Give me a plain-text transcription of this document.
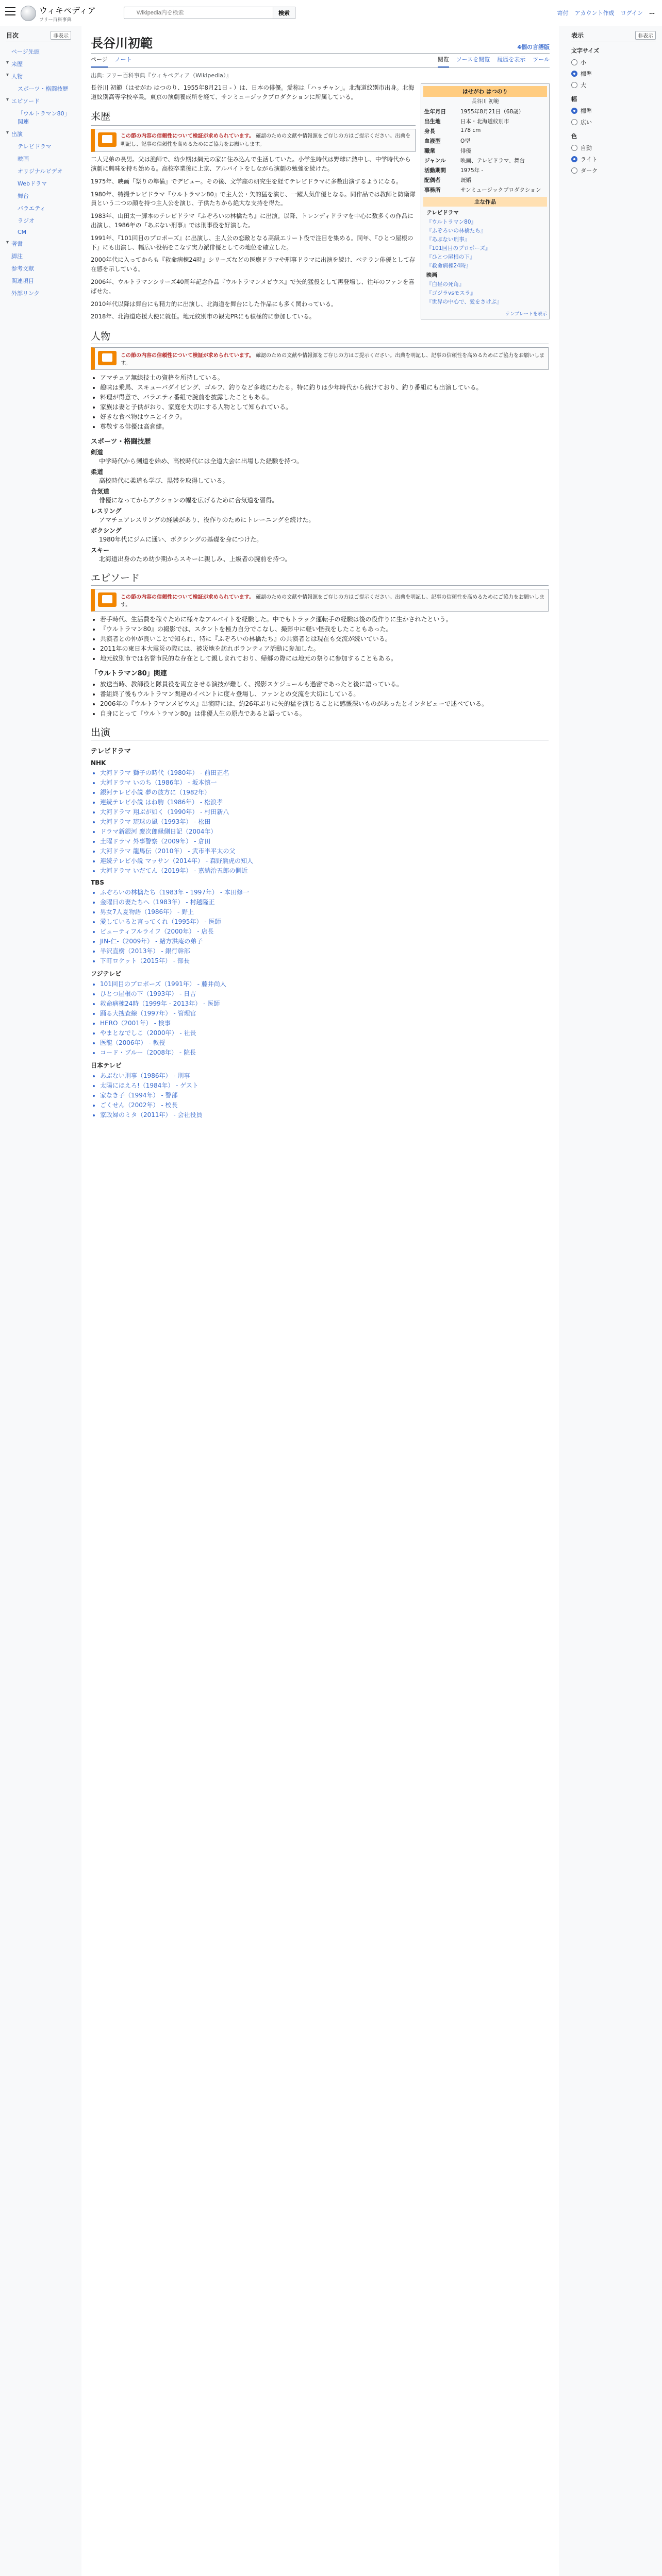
ウィキペディア
フリー百科事典
Wikipedia内を検索
検索	寄付 アカウント作成 ログイン …
目次	非表示
ページ先頭
▾ 来歴
▾ 人物
スポーツ・格闘技歴
▾ エピソード
「ウルトラマン80」関連
▾ 出演
テレビドラマ
映画
オリジナルビデオ
Webドラマ
舞台
バラエティ
ラジオ
CM
▾ 著書
脚注
参考文献
関連項目
外部リンク
長谷川初範	4個の言語版
ページ ノート	閲覧 ソースを閲覧 履歴を表示 ツール
出典: フリー百科事典『ウィキペディア（Wikipedia）』
はせがわ はつのり
長谷川 初範
生年月日	1955年8月21日（68歳）
出生地	日本・北海道紋別市
身長	178 cm
血液型	O型
職業	俳優
ジャンル	映画、テレビドラマ、舞台
活動期間	1975年 -
配偶者	既婚
事務所	サンミュージックプロダクション
主な作品
テレビドラマ
『ウルトラマン80』
『ふぞろいの林檎たち』
『あぶない刑事』
『101回目のプロポーズ』
『ひとつ屋根の下』
『救命病棟24時』
映画
『白昼の死角』
『ゴジラvsモスラ』
『世界の中心で、愛をさけぶ』
テンプレートを表示

長谷川 初範（はせがわ はつのり、1955年8月21日 - ）は、日本の俳優。愛称は「ハッチャン」。北海道紋別市出身。北海道紋別高等学校卒業。東京の演劇養成所を経て、サンミュージックプロダクションに所属している。

来歴
この節の内容の信頼性について検証が求められています。 確認のための文献や情報源をご存じの方はご提示ください。出典を明記し、記事の信頼性を高めるためにご協力をお願いします。

二人兄弟の長男。父は漁師で、幼少期は網元の家に住み込んで生活していた。小学生時代は野球に熱中し、中学時代から演劇に興味を持ち始める。高校卒業後に上京、アルバイトをしながら演劇の勉強を続けた。

1975年、映画『祭りの準備』でデビュー。その後、文学座の研究生を経てテレビドラマに多数出演するようになる。

1980年、特撮テレビドラマ『ウルトラマン80』で主人公・矢的猛を演じ、一躍人気俳優となる。同作品では教師と防衛隊員という二つの顔を持つ主人公を演じ、子供たちから絶大な支持を得た。

1983年、山田太一脚本のテレビドラマ『ふぞろいの林檎たち』に出演。以降、トレンディドラマを中心に数多くの作品に出演し、1986年の『あぶない刑事』では刑事役を好演した。

1991年、『101回目のプロポーズ』に出演し、主人公の恋敵となる高級エリート役で注目を集める。同年、『ひとつ屋根の下』にも出演し、幅広い役柄をこなす実力派俳優としての地位を確立した。

2000年代に入ってからも『救命病棟24時』シリーズなどの医療ドラマや刑事ドラマに出演を続け、ベテラン俳優として存在感を示している。

2006年、ウルトラマンシリーズ40周年記念作品『ウルトラマンメビウス』で矢的猛役として再登場し、往年のファンを喜ばせた。

2010年代以降は舞台にも精力的に出演し、北海道を舞台にした作品にも多く関わっている。

2018年、北海道応援大使に就任。地元紋別市の観光PRにも積極的に参加している。

人物
この節の内容の信頼性について検証が求められています。 確認のための文献や情報源をご存じの方はご提示ください。出典を明記し、記事の信頼性を高めるためにご協力をお願いします。
• アマチュア無線技士の資格を所持している。
• 趣味は乗馬、スキューバダイビング、ゴルフ、釣りなど多岐にわたる。特に釣りは少年時代から続けており、釣り番組にも出演している。
• 料理が得意で、バラエティ番組で腕前を披露したこともある。
• 家族は妻と子供がおり、家庭を大切にする人物として知られている。
• 好きな食べ物はウニとイクラ。
• 尊敬する俳優は高倉健。
スポーツ・格闘技歴
剣道
中学時代から剣道を始め、高校時代には全道大会に出場した経験を持つ。
柔道
高校時代に柔道も学び、黒帯を取得している。
合気道
俳優になってからアクションの幅を広げるために合気道を習得。
レスリング
アマチュアレスリングの経験があり、役作りのためにトレーニングを続けた。
ボクシング
1980年代にジムに通い、ボクシングの基礎を身につけた。
スキー
北海道出身のため幼少期からスキーに親しみ、上級者の腕前を持つ。
エピソード
この節の内容の信頼性について検証が求められています。 確認のための文献や情報源をご存じの方はご提示ください。出典を明記し、記事の信頼性を高めるためにご協力をお願いします。
• 若手時代、生活費を稼ぐために様々なアルバイトを経験した。中でもトラック運転手の経験は後の役作りに生かされたという。
• 『ウルトラマン80』の撮影では、スタントを極力自分でこなし、撮影中に軽い怪我をしたこともあった。
• 共演者との仲が良いことで知られ、特に『ふぞろいの林檎たち』の共演者とは現在も交流が続いている。
• 2011年の東日本大震災の際には、被災地を訪れボランティア活動に参加した。
• 地元紋別市では名誉市民的な存在として親しまれており、帰郷の際には地元の祭りに参加することもある。
「ウルトラマン80」関連
• 放送当時、教師役と隊員役を両立させる演技が難しく、撮影スケジュールも過密であったと後に語っている。
• 番組終了後もウルトラマン関連のイベントに度々登場し、ファンとの交流を大切にしている。
• 2006年の『ウルトラマンメビウス』出演時には、約26年ぶりに矢的猛を演じることに感慨深いものがあったとインタビューで述べている。
• 自身にとって『ウルトラマン80』は俳優人生の原点であると語っている。
出演
テレビドラマ
NHK
• 大河ドラマ 獅子の時代（1980年） - 前田正名
• 大河ドラマ いのち（1986年） - 坂本慎一
• 銀河テレビ小説 夢の彼方に（1982年）
• 連続テレビ小説 はね駒（1986年） - 松浪孝
• 大河ドラマ 翔ぶが如く（1990年） - 村田新八
• 大河ドラマ 琉球の風（1993年） - 松田
• ドラマ新銀河 慶次郎縁側日記（2004年）
• 土曜ドラマ 外事警察（2009年） - 倉田
• 大河ドラマ 龍馬伝（2010年） - 武市半平太の父
• 連続テレビ小説 マッサン（2014年） - 森野熊虎の知人
• 大河ドラマ いだてん（2019年） - 嘉納治五郎の側近
TBS
• ふぞろいの林檎たち（1983年 - 1997年） - 本田修一
• 金曜日の妻たちへ（1983年） - 村越隆正
• 男女7人夏物語（1986年） - 野上
• 愛していると言ってくれ（1995年） - 医師
• ビューティフルライフ（2000年） - 店長
• JIN-仁-（2009年） - 緒方洪庵の弟子
• 半沢直樹（2013年） - 銀行幹部
• 下町ロケット（2015年） - 部長
フジテレビ
• 101回目のプロポーズ（1991年） - 藤井尚人
• ひとつ屋根の下（1993年） - 日吉
• 救命病棟24時（1999年 - 2013年） - 医師
• 踊る大捜査線（1997年） - 管理官
• HERO（2001年） - 検事
• やまとなでしこ（2000年） - 社長
• 医龍（2006年） - 教授
• コード・ブルー（2008年） - 院長
日本テレビ
• あぶない刑事（1986年） - 刑事
• 太陽にほえろ!（1984年） - ゲスト
• 家なき子（1994年） - 警部
• ごくせん（2002年） - 校長
• 家政婦のミタ（2011年） - 会社役員
表示	非表示
文字サイズ
小
標準
大
幅
標準
広い
色
自動
ライト
ダーク
